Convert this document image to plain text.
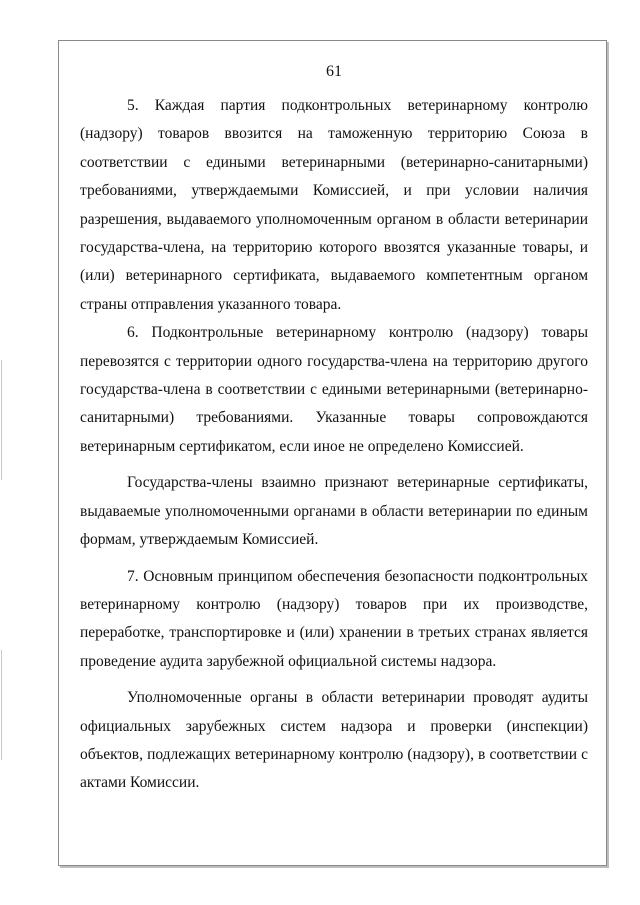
61

5. Каждая партия подконтрольных ветеринарному контролю (надзору) товаров ввозится на таможенную территорию Союза в соответствии с едиными ветеринарными (ветеринарно-санитарными) требованиями, утверждаемыми Комиссией, и при условии наличия разрешения, выдаваемого уполномоченным органом в области ветеринарии государства-члена, на территорию которого ввозятся указанные товары, и (или) ветеринарного сертификата, выдаваемого компетентным органом страны отправления указанного товара.

6. Подконтрольные ветеринарному контролю (надзору) товары перевозятся с территории одного государства-члена на территорию другого государства-члена в соответствии с едиными ветеринарными (ветеринарно-санитарными) требованиями. Указанные товары сопровождаются ветеринарным сертификатом, если иное не определено Комиссией.

Государства-члены взаимно признают ветеринарные сертификаты, выдаваемые уполномоченными органами в области ветеринарии по единым формам, утверждаемым Комиссией.

7. Основным принципом обеспечения безопасности подконтрольных ветеринарному контролю (надзору) товаров при их производстве, переработке, транспортировке и (или) хранении в третьих странах является проведение аудита зарубежной официальной системы надзора.

Уполномоченные органы в области ветеринарии проводят аудиты официальных зарубежных систем надзора и проверки (инспекции) объектов, подлежащих ветеринарному контролю (надзору), в соответствии с актами Комиссии.
